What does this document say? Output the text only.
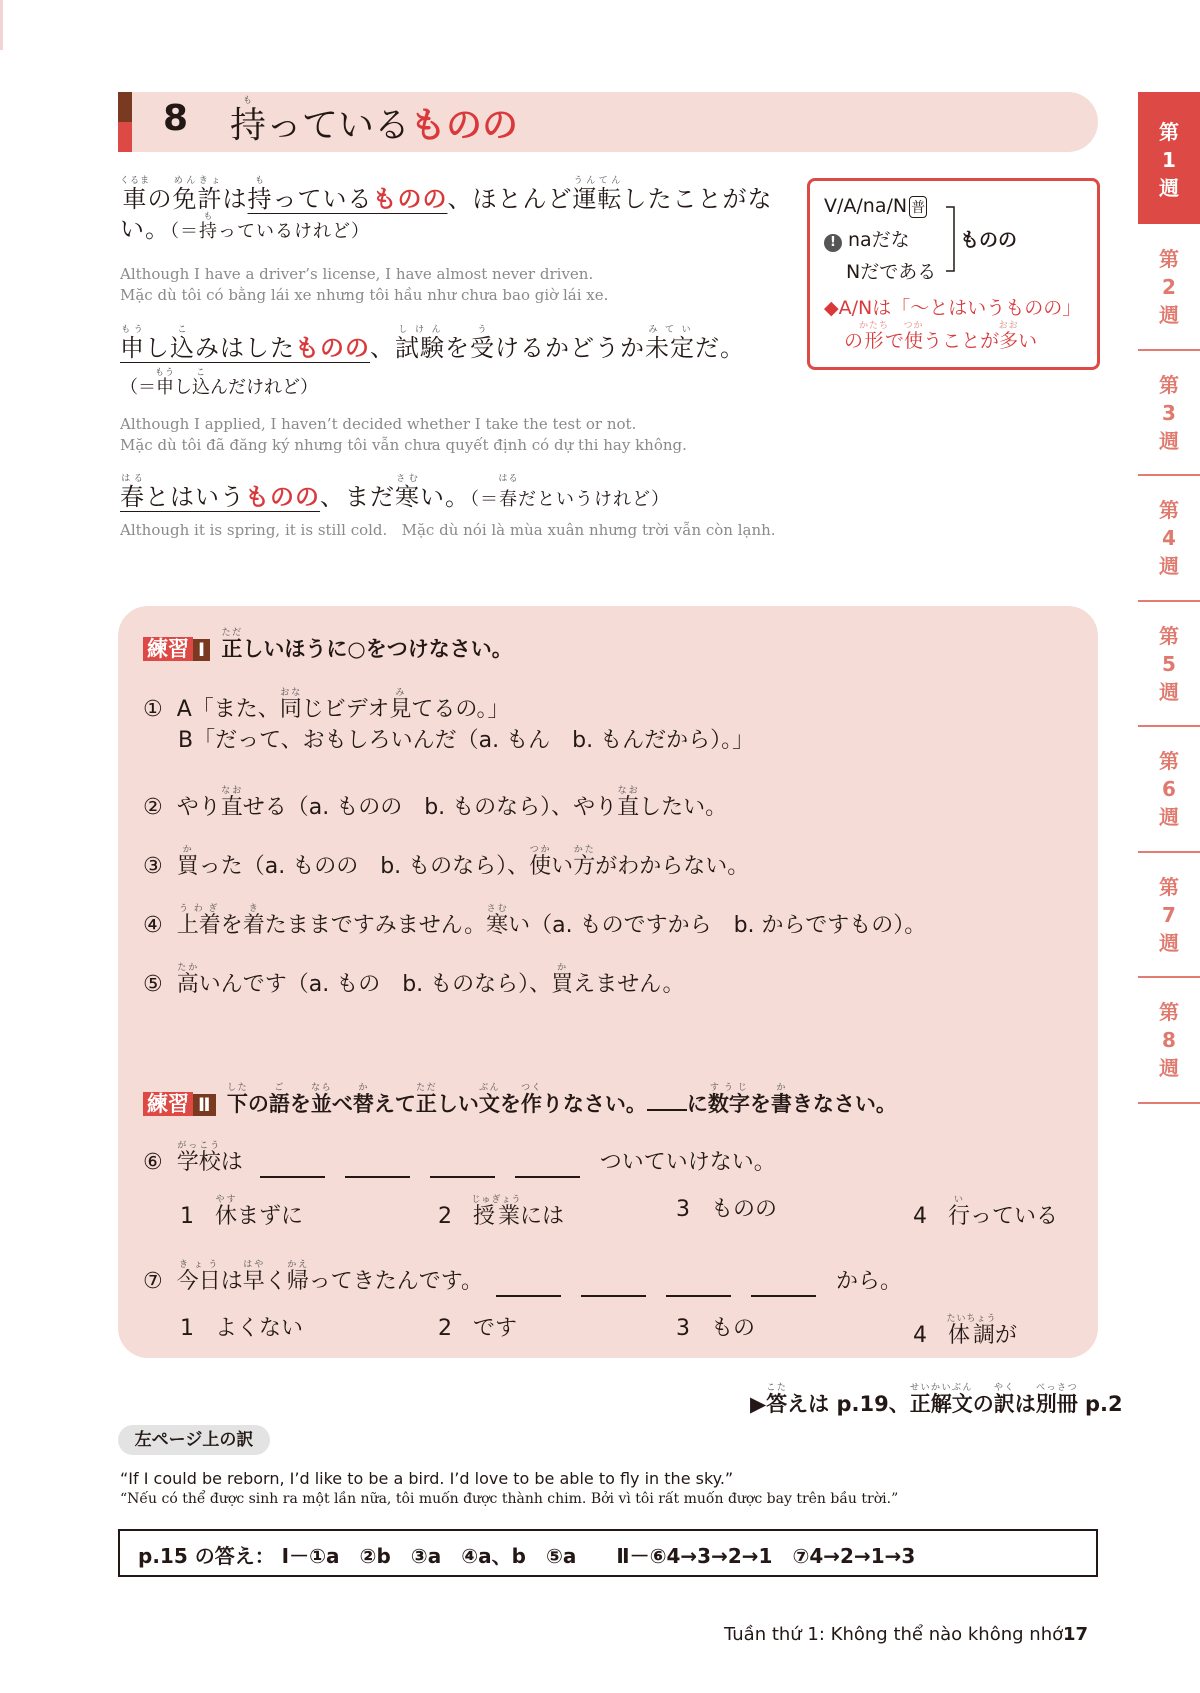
8 持もっているものの	第
1
週
第
2
週
第
3
週
第
4
週
第
5
週
第
6
週
第
7
週
第
8
週
車くるまの免許めんきょは持もっているものの、ほとんど運転うんてんしたことがない。（＝持もっているけれど）
Although I have a driver’s license, I have almost never driven.
Mặc dù tôi có bằng lái xe nhưng tôi hầu như chưa bao giờ lái xe.
申もうし込こみはしたものの、試験しけんを受うけるかどうか未定みていだ。
（＝申もうし込こんだけれど）
Although I applied, I haven’t decided whether I take the test or not.
Mặc dù tôi đã đăng ký nhưng tôi vẫn chưa quyết định có dự thi hay không.
春はるとはいうものの、まだ寒さむい。（＝春はるだというけれど）
Although it is spring, it is still cold. Mặc dù nói là mùa xuân nhưng trời vẫn còn lạnh.
V/A/na/N 普
! naだな
Nだである
ものの
◆A/Nは「～とはいうものの」
の形かたちで使つかうことが多おおい
練習 Ⅰ 正ただしいほうに○をつけなさい。
①  A「また、同おなじビデオ見みてるの。」
B「だって、おもしろいんだ（a. もん　b. もんだから）。」
②  やり直なおせる（a. ものの　b. ものなら）、やり直なおしたい。
③  買かった（a. ものの　b. ものなら）、使つかい方かたがわからない。
④  上着うわぎを着きたままですみません。寒さむい（a. ものですから　b. からですもの）。
⑤  高たかいんです（a. もの　b. ものなら）、買かえません。
練習 Ⅱ 下したの語ごを並ならべ替かえて正ただしい文ぶんを作つくりなさい。 に数字すうじを書かきなさい。
⑥  学校がっこうは	ついていけない。
1   休やすまずに	2   授業じゅぎょうには	3   ものの	4   行いっている
⑦  今日きょうは早はやく帰かえってきたんです。	から。
1   よくない	2   です	3   もの	4   体調たいちょうが
▶答こたえは p.19、正解文せいかいぶんの訳やくは別冊べっさつ p.2
左ページ上の訳
“If I could be reborn, I’d like to be a bird. I’d love to be able to fly in the sky.”
“Nếu có thể được sinh ra một lần nữa, tôi muốn được thành chim. Bởi vì tôi rất muốn được bay trên bầu trời.”
p.15 の答え： Ⅰ－①a　②b　③a　④a、b　⑤a　　Ⅱ－⑥4→3→2→1　⑦4→2→1→3
Tuần thứ 1: Không thể nào không nhớ 17
